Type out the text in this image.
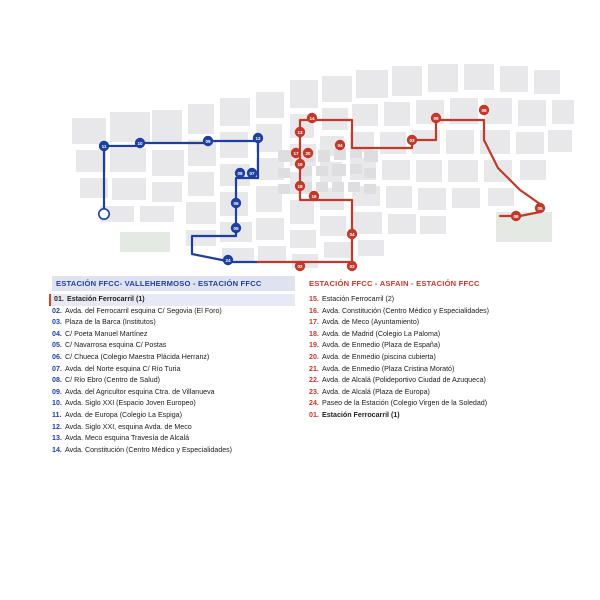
11
10	09
12
08 07
06
05
24
02	03
04
16
18
19
17 20
13
14
04
03
09
08
05
06
ESTACIÓN FFCC- VALLEHERMOSO - ESTACIÓN FFCC
01. Estación Ferrocarril (1)
02. Avda. del Ferrocarril esquina C/ Segovia (El Foro)
03. Plaza de la Barca (Institutos)
04. C/ Poeta Manuel Martínez
05. C/ Navarrosa esquina C/ Postas
06. C/ Chueca (Colegio Maestra Plácida Herranz)
07. Avda. del Norte esquina C/ Río Turia
08. C/ Río Ebro (Centro de Salud)
09. Avda. del Agricultor esquina Ctra. de Villanueva
10. Avda. Siglo XXI (Espacio Joven Europeo)
11. Avda. de Europa (Colegio La Espiga)
12. Avda. Siglo XXI, esquina Avda. de Meco
13. Avda. Meco esquina Travesía de Alcalá
14. Avda. Constitución (Centro Médico y Especialidades)
ESTACIÓN FFCC - ASFAIN - ESTACIÓN FFCC
15. Estación Ferrocarril (2)
16. Avda. Constitución (Centro Médico y Especialidades)
17. Avda. de Meco (Ayuntamiento)
18. Avda. de Madrid (Colegio La Paloma)
19. Avda. de Enmedio (Plaza de España)
20. Avda. de Enmedio (piscina cubierta)
21. Avda. de Enmedio (Plaza Cristina Morató)
22. Avda. de Alcalá (Polideportivo Ciudad de Azuqueca)
23. Avda. de Alcalá (Plaza de Europa)
24. Paseo de la Estación (Colegio Virgen de la Soledad)
01. Estación Ferrocarril (1)
